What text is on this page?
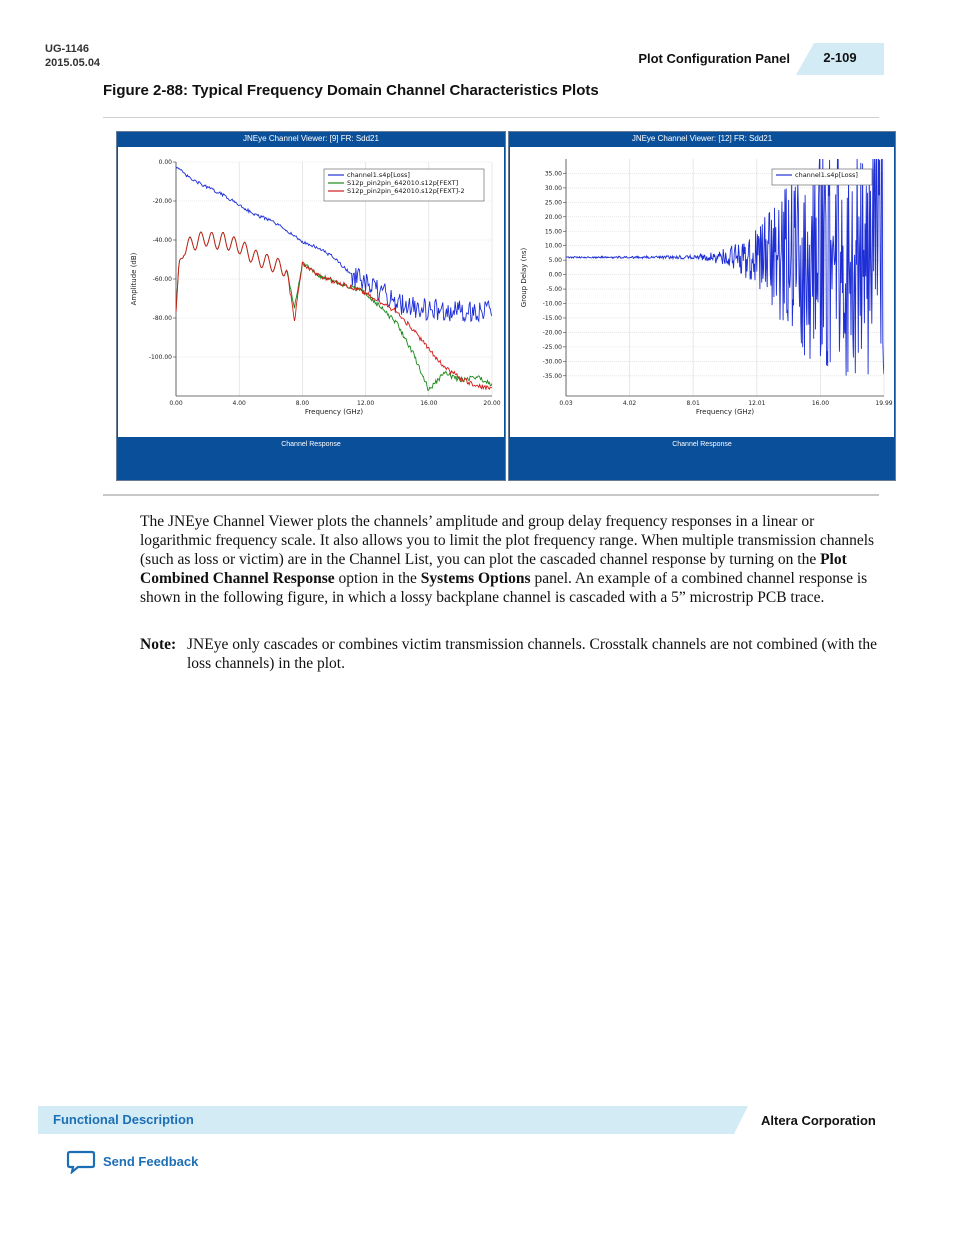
UG-1146
2015.05.04	Plot Configuration Panel	2-109
Figure 2-88: Typical Frequency Domain Channel Characteristics Plots
JNEye Channel Viewer: [9] FR: Sdd21
0.00
-20.00
-40.00
-60.00
-80.00
-100.00
0.00	4.00	8.00	12.00	16.00	20.00
Frequency (GHz)
Amplitude (dB)
channel1.s4p[Loss]
S12p_pin2pin_642010.s12p[FEXT]
S12p_pin2pin_642010.s12p[FEXT]-2
Channel Response
JNEye Channel Viewer: [12] FR: Sdd21
35.00
30.00
25.00
20.00
15.00
10.00
5.00
0.00
-5.00
-10.00
-15.00
-20.00
-25.00
-30.00
-35.00
0.03	4.02	8.01	12.01	16.00	19.99
Frequency (GHz)
Group Delay (ns)
channel1.s4p[Loss]
Channel Response

The JNEye Channel Viewer plots the channels’ amplitude and group delay frequency responses in a linear or logarithmic frequency scale. It also allows you to limit the plot frequency range. When multiple transmission channels (such as loss or victim) are in the Channel List, you can plot the cascaded channel response by turning on the Plot Combined Channel Response option in the Systems Options panel. An example of a combined channel response is shown in the following figure, in which a lossy backplane channel is cascaded with a 5” microstrip PCB trace.

Note: JNEye only cascades or combines victim transmission channels. Crosstalk channels are not combined (with the loss channels) in the plot.
Functional Description	Altera Corporation
Send Feedback
